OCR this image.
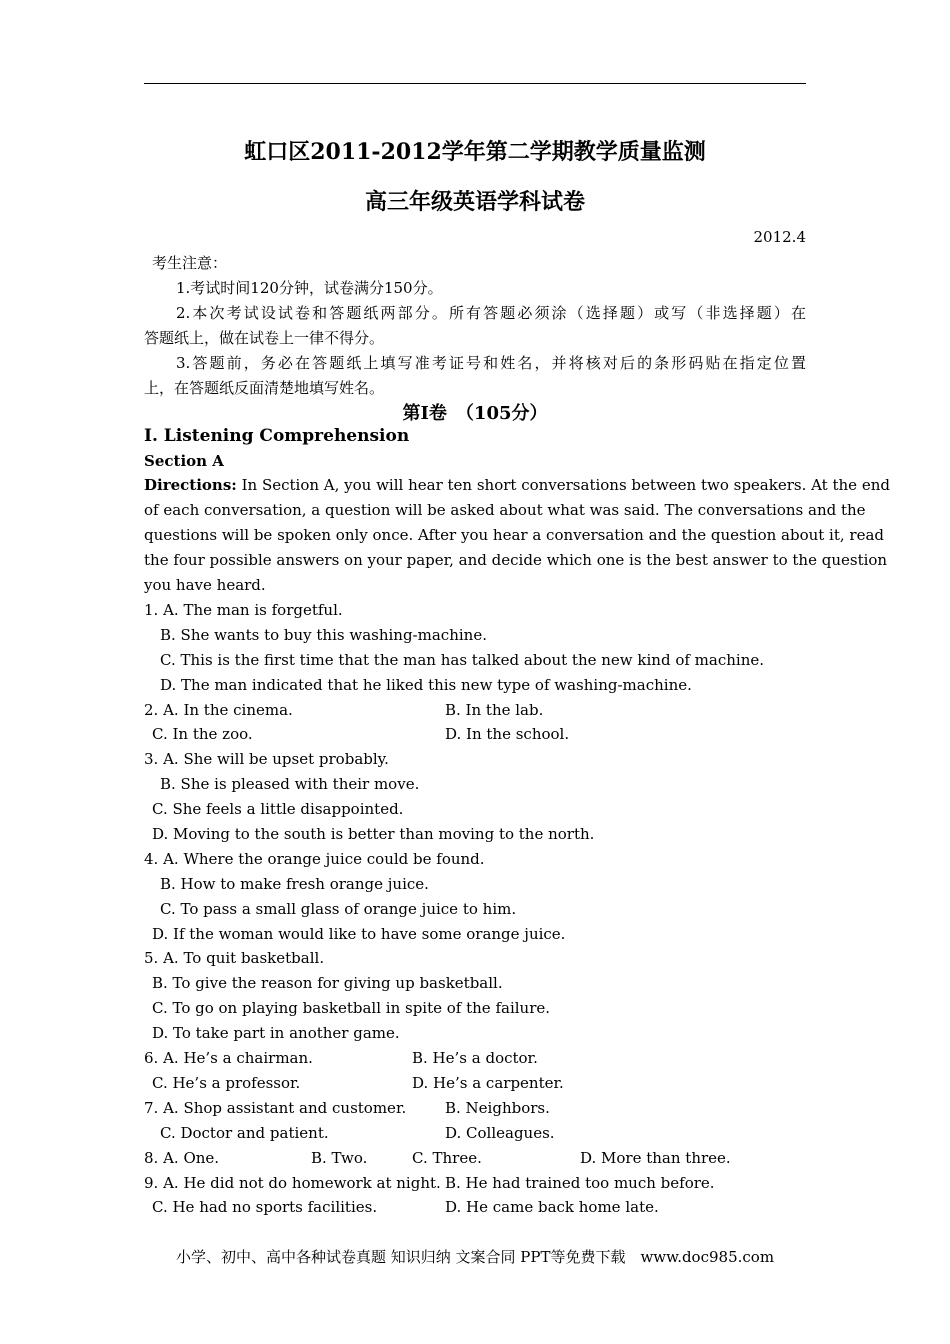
虹口区2011-2012学年第二学期教学质量监测
高三年级英语学科试卷
2012.4
考生注意：
1.考试时间120分钟，试卷满分150分。
2.本次考试设试卷和答题纸两部分。所有答题必须涂（选择题）或写（非选择题）在
答题纸上，做在试卷上一律不得分。
3.答题前，务必在答题纸上填写准考证号和姓名，并将核对后的条形码贴在指定位置
上，在答题纸反面清楚地填写姓名。
第I卷　（105分）
I. Listening Comprehension
Section A
Directions: In Section A, you will hear ten short conversations between two speakers. At the end
of each conversation, a question will be asked about what was said. The conversations and the
questions will be spoken only once. After you hear a conversation and the question about it, read
the four possible answers on your paper, and decide which one is the best answer to the question
you have heard.
1. A. The man is forgetful.
B. She wants to buy this washing-machine.
C. This is the first time that the man has talked about the new kind of machine.
D. The man indicated that he liked this new type of washing-machine.
2. A. In the cinema.	B. In the lab.
C. In the zoo.	D. In the school.
3. A. She will be upset probably.
B. She is pleased with their move.
C. She feels a little disappointed.
D. Moving to the south is better than moving to the north.
4. A. Where the orange juice could be found.
B. How to make fresh orange juice.
C. To pass a small glass of orange juice to him.
D. If the woman would like to have some orange juice.
5. A. To quit basketball.
B. To give the reason for giving up basketball.
C. To go on playing basketball in spite of the failure.
D. To take part in another game.
6. A. He’s a chairman.	B. He’s a doctor.
C. He’s a professor.	D. He’s a carpenter.
7. A. Shop assistant and customer.	B. Neighbors.
C. Doctor and patient.	D. Colleagues.
8. A. One.	B. Two.	C. Three.	D. More than three.
9. A. He did not do homework at night. B. He had trained too much before.
C. He had no sports facilities.	D. He came back home late.
小学、初中、高中各种试卷真题 知识归纳 文案合同 PPT等免费下载　www.doc985.com
